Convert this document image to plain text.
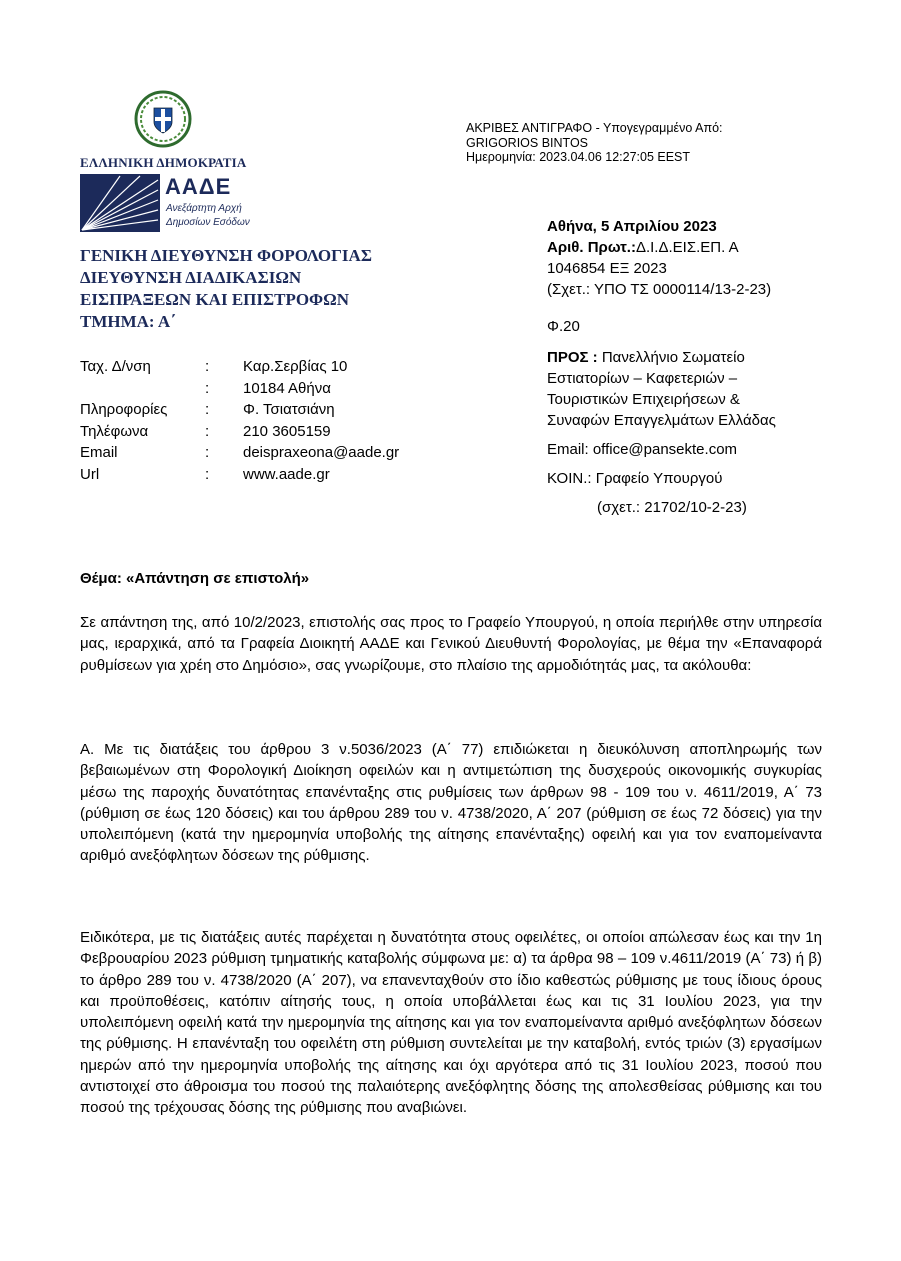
ΕΛΛΗΝΙΚΗ ΔΗΜΟΚΡΑΤΙΑ
ΑΑΔΕ
Ανεξάρτητη Αρχή
Δημοσίων Εσόδων
ΓΕΝΙΚΗ ΔΙΕΥΘΥΝΣΗ ΦΟΡΟΛΟΓΙΑΣ
ΔΙΕΥΘΥΝΣΗ ΔΙΑΔΙΚΑΣΙΩΝ
ΕΙΣΠΡΑΞΕΩΝ ΚΑΙ ΕΠΙΣΤΡΟΦΩΝ
ΤΜΗΜΑ: Α΄
ΑΚΡΙΒΕΣ ΑΝΤΙΓΡΑΦΟ - Υπογεγραμμένο Από:
GRIGORIOS BINTOS
Ημερομηνία: 2023.04.06 12:27:05 EEST
Αθήνα, 5 Απριλίου 2023
Αριθ. Πρωτ.:Δ.Ι.Δ.ΕΙΣ.ΕΠ. Α
1046854 ΕΞ 2023
(Σχετ.: ΥΠΟ ΤΣ 0000114/13-2-23)
Φ.20
ΠΡΟΣ : Πανελλήνιο Σωματείο
Εστιατορίων – Καφετεριών –
Τουριστικών Επιχειρήσεων &
Συναφών Επαγγελμάτων Ελλάδας
Email: office@pansekte.com
ΚΟΙΝ.: Γραφείο Υπουργού
(σχετ.: 21702/10-2-23)
Ταχ. Δ/νση	:	Καρ.Σερβίας 10
:	10184 Αθήνα
Πληροφορίες	:	Φ. Τσιατσιάνη
Τηλέφωνα	:	210 3605159
Email	:	deispraxeona@aade.gr
Url	:	www.aade.gr
Θέμα: «Απάντηση σε επιστολή»
Σε απάντηση της, από 10/2/2023, επιστολής σας προς το Γραφείο Υπουργού, η οποία περιήλθε στην υπηρεσία μας, ιεραρχικά, από τα Γραφεία Διοικητή ΑΑΔΕ και Γενικού Διευθυντή Φορολογίας, με θέμα την «Επαναφορά ρυθμίσεων για χρέη στο Δημόσιο», σας γνωρίζουμε, στο πλαίσιο της αρμοδιότητάς μας, τα ακόλουθα:
Α. Με τις διατάξεις του άρθρου 3 ν.5036/2023 (Α΄ 77) επιδιώκεται η διευκόλυνση αποπληρωμής των βεβαιωμένων στη Φορολογική Διοίκηση οφειλών και η αντιμετώπιση της δυσχερούς οικονομικής συγκυρίας μέσω της παροχής δυνατότητας επανένταξης στις ρυθμίσεις των άρθρων 98 - 109 του ν. 4611/2019, Α΄ 73 (ρύθμιση σε έως 120 δόσεις) και του άρθρου 289 του ν. 4738/2020, Α΄ 207 (ρύθμιση σε έως 72 δόσεις) για την υπολειπόμενη (κατά την ημερομηνία υποβολής της αίτησης επανένταξης) οφειλή και για τον εναπομείναντα αριθμό ανεξόφλητων δόσεων της ρύθμισης.
Ειδικότερα, με τις διατάξεις αυτές παρέχεται η δυνατότητα στους οφειλέτες, οι οποίοι απώλεσαν έως και την 1η Φεβρουαρίου 2023 ρύθμιση τμηματικής καταβολής σύμφωνα με: α) τα άρθρα 98 – 109 ν.4611/2019 (Α΄ 73) ή β) το άρθρο 289 του ν. 4738/2020 (Α΄ 207), να επανενταχθούν στο ίδιο καθεστώς ρύθμισης με τους ίδιους όρους και προϋποθέσεις, κατόπιν αίτησής τους, η οποία υποβάλλεται έως και τις 31 Ιουλίου 2023, για την υπολειπόμενη οφειλή κατά την ημερομηνία της αίτησης και για τον εναπομείναντα αριθμό ανεξόφλητων δόσεων της ρύθμισης. Η επανένταξη του οφειλέτη στη ρύθμιση συντελείται με την καταβολή, εντός τριών (3) εργασίμων ημερών από την ημερομηνία υποβολής της αίτησης και όχι αργότερα από τις 31 Ιουλίου 2023, ποσού που αντιστοιχεί στο άθροισμα του ποσού της παλαιότερης ανεξόφλητης δόσης της απολεσθείσας ρύθμισης και του ποσού της τρέχουσας δόσης της ρύθμισης που αναβιώνει.
